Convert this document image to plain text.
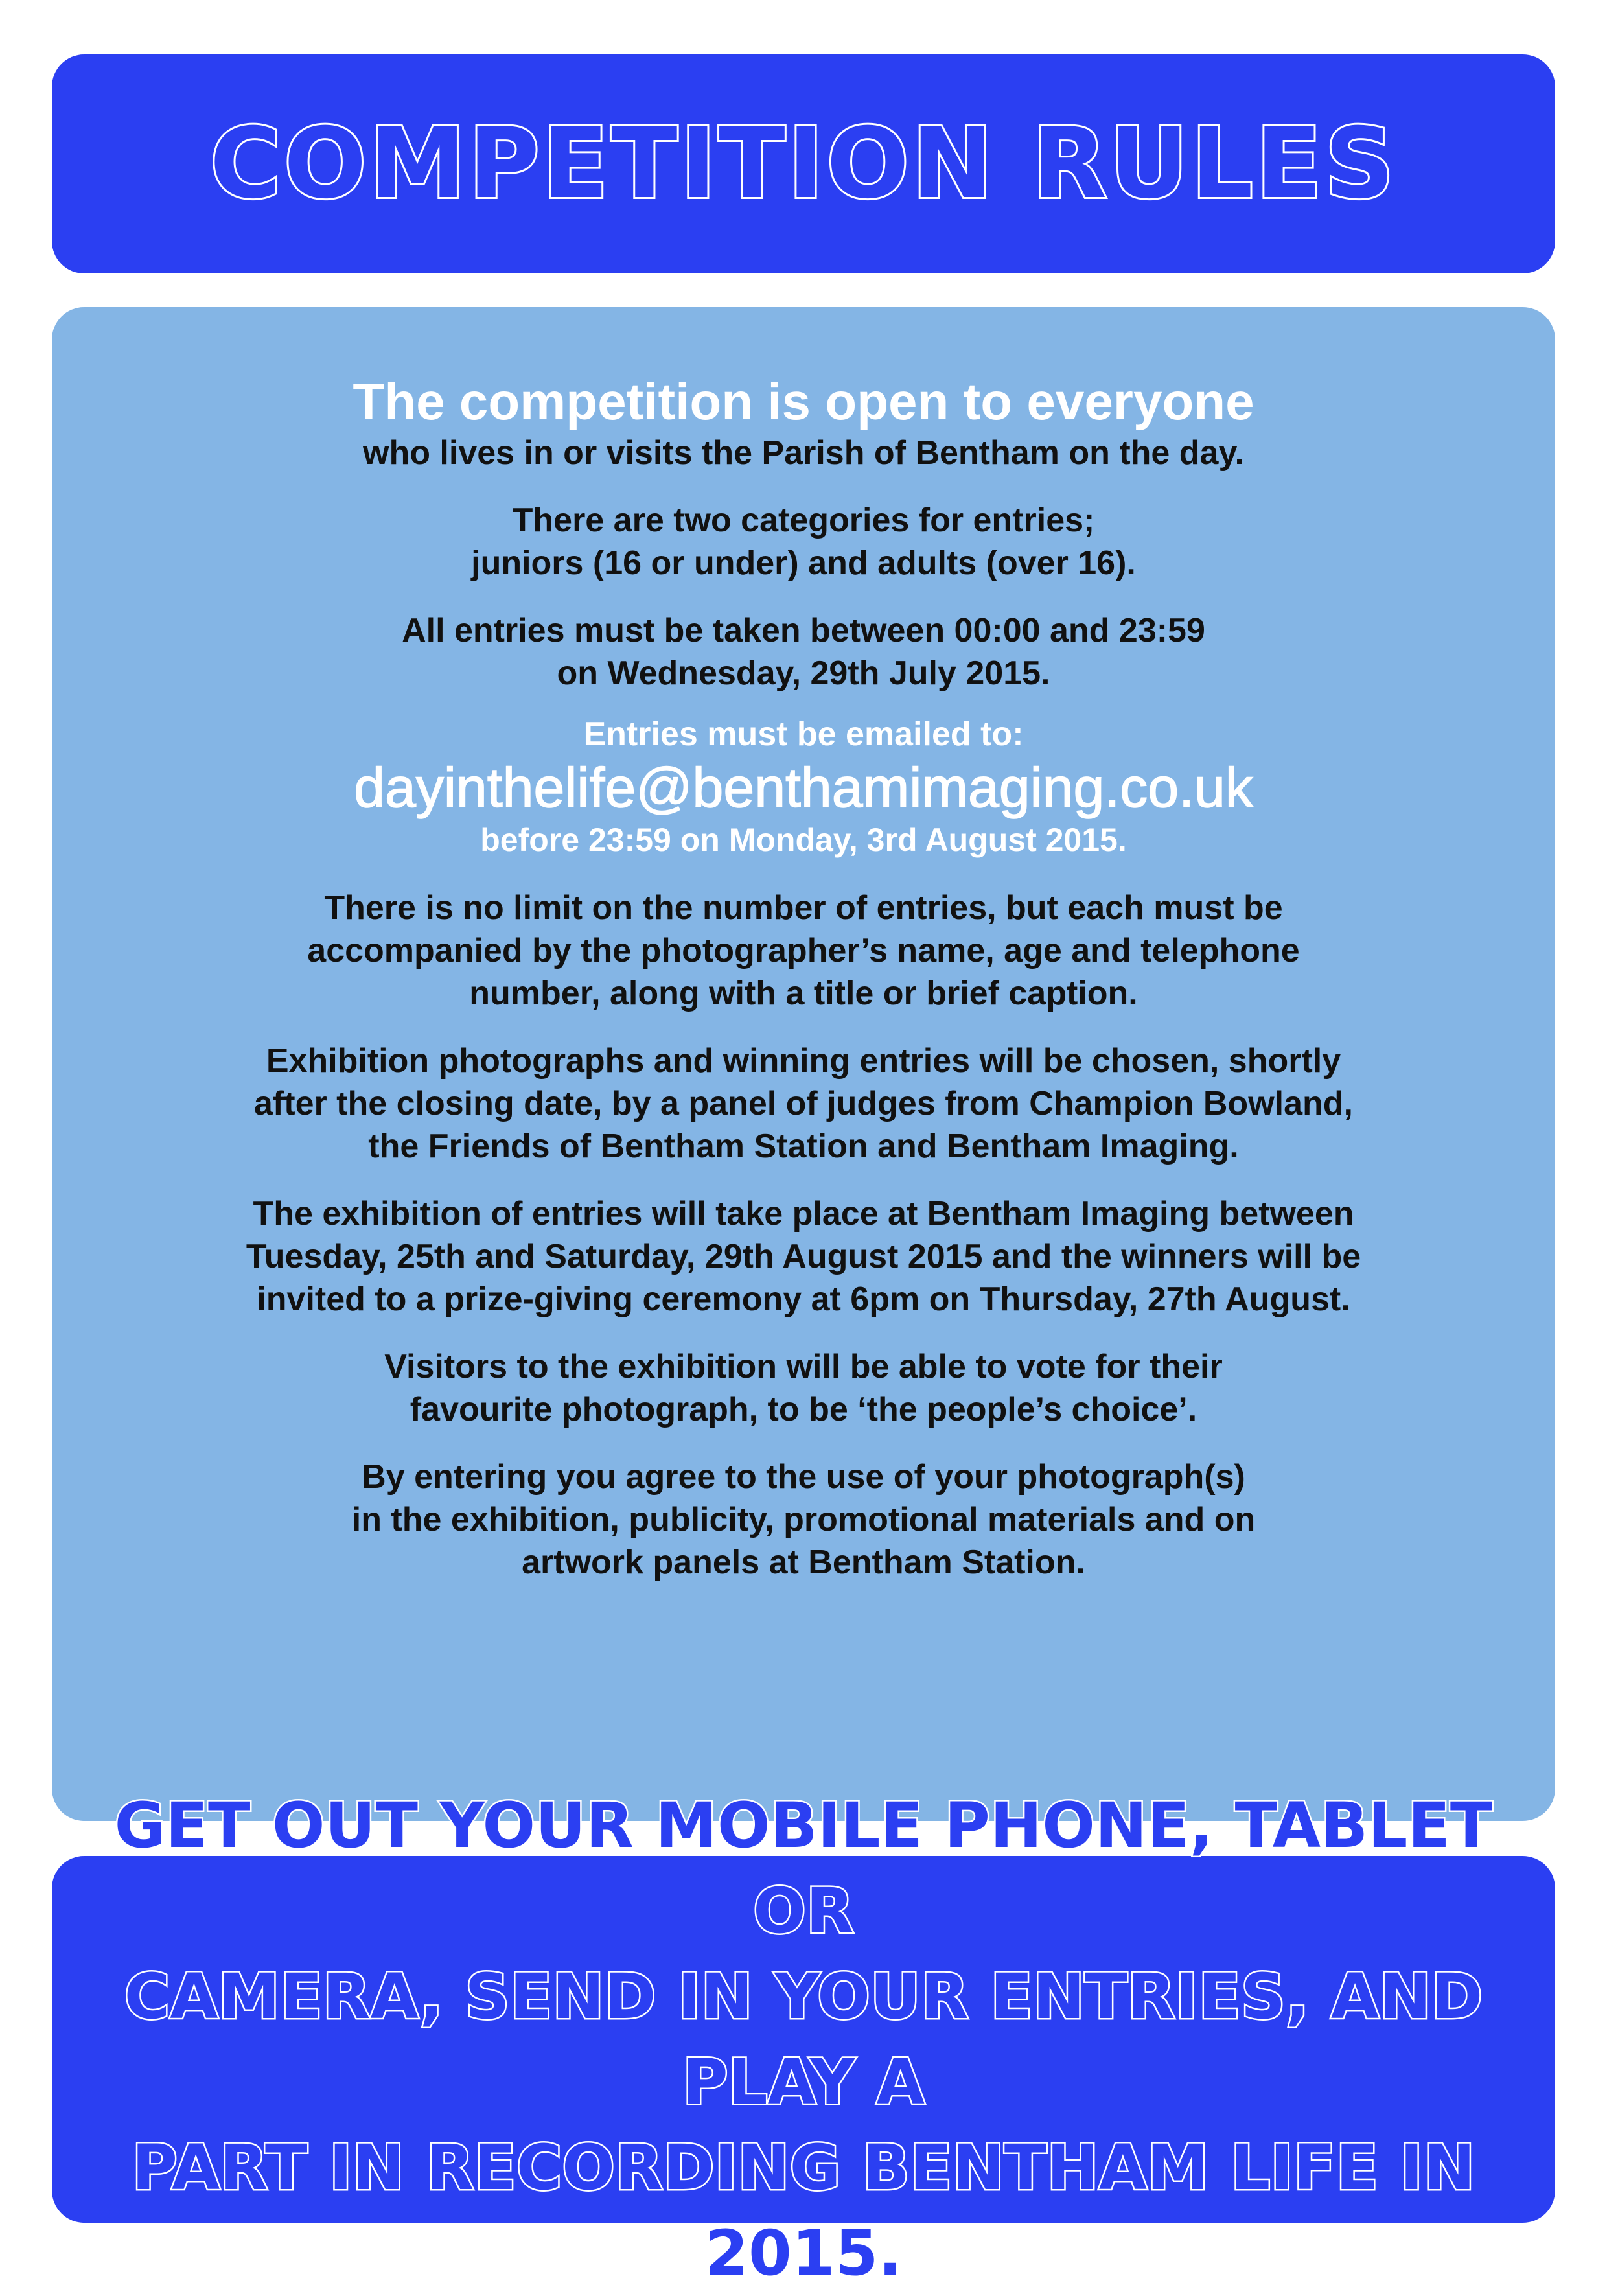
COMPETITION RULES
The competition is open to everyone
who lives in or visits the Parish of Bentham on the day.
There are two categories for entries;
juniors (16 or under) and adults (over 16).
All entries must be taken between 00:00 and 23:59
on Wednesday, 29th July 2015.
Entries must be emailed to:
dayinthelife@benthamimaging.co.uk
before 23:59 on Monday, 3rd August 2015.
There is no limit on the number of entries, but each must be
accompanied by the photographer’s name, age and telephone
number, along with a title or brief caption.
Exhibition photographs and winning entries will be chosen, shortly
after the closing date, by a panel of judges from Champion Bowland,
the Friends of Bentham Station and Bentham Imaging.
The exhibition of entries will take place at Bentham Imaging between
Tuesday, 25th and Saturday, 29th August 2015 and the winners will be
invited to a prize-giving ceremony at 6pm on Thursday, 27th August.
Visitors to the exhibition will be able to vote for their
favourite photograph, to be ‘the people’s choice’.
By entering you agree to the use of your photograph(s)
in the exhibition, publicity, promotional materials and on
artwork panels at Bentham Station.

GET OUT YOUR MOBILE PHONE, TABLET OR
CAMERA, SEND IN YOUR ENTRIES, AND PLAY A
PART IN RECORDING BENTHAM LIFE IN 2015.
